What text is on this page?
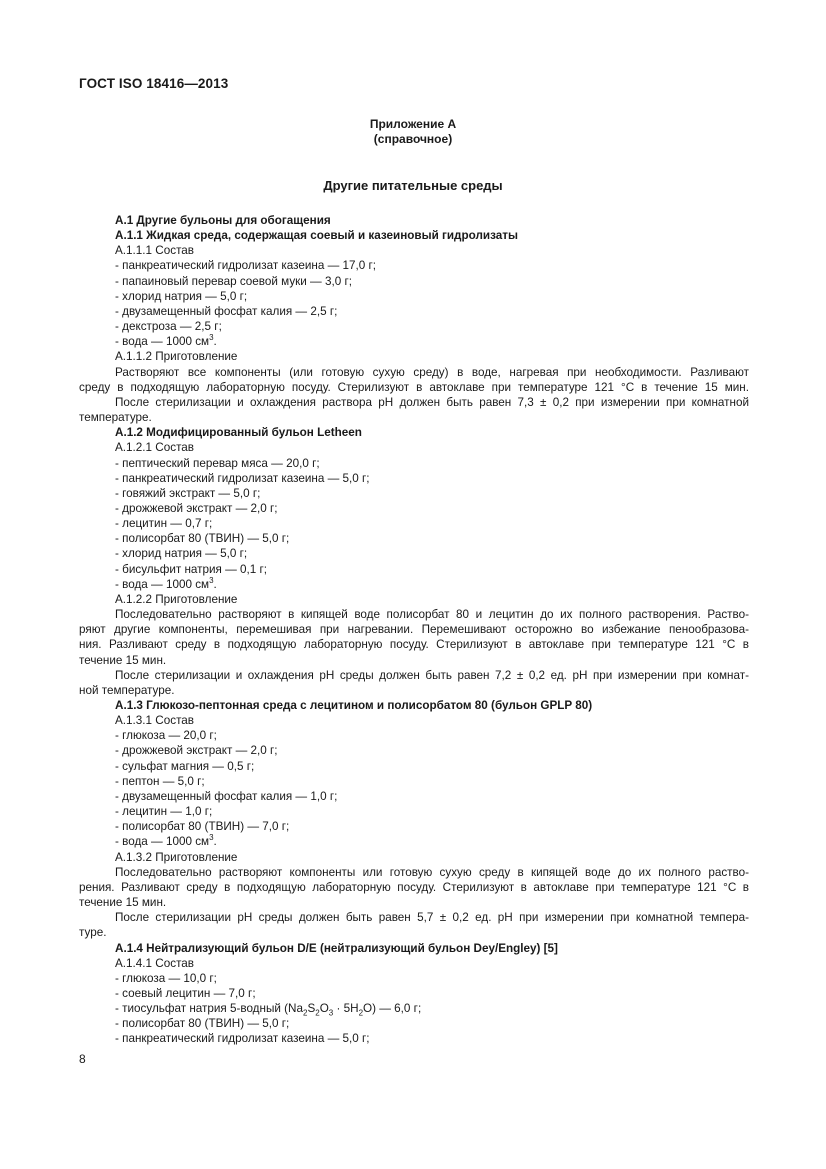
ГОСТ ISO 18416—2013
Приложение А
(справочное)
Другие питательные среды

А.1 Другие бульоны для обогащения

А.1.1 Жидкая среда, содержащая соевый и казеиновый гидролизаты

А.1.1.1 Состав

- панкреатический гидролизат казеина — 17,0 г;

- папаиновый перевар соевой муки — 3,0 г;

- хлорид натрия — 5,0 г;

- двузамещенный фосфат калия — 2,5 г;

- декстроза — 2,5 г;

- вода — 1000 $см^3$.

А.1.1.2 Приготовление

Растворяют все компоненты (или готовую сухую среду) в воде, нагревая при необходимости. Разливают

среду в подходящую лабораторную посуду. Стерилизуют в автоклаве при температуре 121 °С в течение 15 мин.

После стерилизации и охлаждения раствора рН должен быть равен 7,3 ± 0,2 при измерении при комнатной

температуре.

А.1.2 Модифицированный бульон Letheen

А.1.2.1 Состав

- пептический перевар мяса — 20,0 г;

- панкреатический гидролизат казеина — 5,0 г;

- говяжий экстракт — 5,0 г;

- дрожжевой экстракт — 2,0 г;

- лецитин — 0,7 г;

- полисорбат 80 (ТВИН) — 5,0 г;

- хлорид натрия — 5,0 г;

- бисульфит натрия — 0,1 г;

- вода — 1000 $см^3$.

А.1.2.2 Приготовление

Последовательно растворяют в кипящей воде полисорбат 80 и лецитин до их полного растворения. Раство-

ряют другие компоненты, перемешивая при нагревании. Перемешивают осторожно во избежание пенообразова-

ния. Разливают среду в подходящую лабораторную посуду. Стерилизуют в автоклаве при температуре 121 °С в

течение 15 мин.

После стерилизации и охлаждения рН среды должен быть равен 7,2 ± 0,2 ед. рН при измерении при комнат-

ной температуре.

А.1.3 Глюкозо-пептонная среда с лецитином и полисорбатом 80 (бульон GPLP 80)

А.1.3.1 Состав

- глюкоза — 20,0 г;

- дрожжевой экстракт — 2,0 г;

- сульфат магния — 0,5 г;

- пептон — 5,0 г;

- двузамещенный фосфат калия — 1,0 г;

- лецитин — 1,0 г;

- полисорбат 80 (ТВИН) — 7,0 г;

- вода — 1000 $см^3$.

А.1.3.2 Приготовление

Последовательно растворяют компоненты или готовую сухую среду в кипящей воде до их полного раство-

рения. Разливают среду в подходящую лабораторную посуду. Стерилизуют в автоклаве при температуре 121 °С в

течение 15 мин.

После стерилизации рН среды должен быть равен 5,7 ± 0,2 ед. рН при измерении при комнатной темпера-

туре.

А.1.4 Нейтрализующий бульон D/E (нейтрализующий бульон Dey/Engley) [5]

А.1.4.1 Состав

- глюкоза — 10,0 г;

- соевый лецитин — 7,0 г;

- тиосульфат натрия 5-водный $(Na_2S_2O_3 \cdot 5H_2O)$ — 6,0 г;

- полисорбат 80 (ТВИН) — 5,0 г;

- панкреатический гидролизат казеина — 5,0 г;

8
